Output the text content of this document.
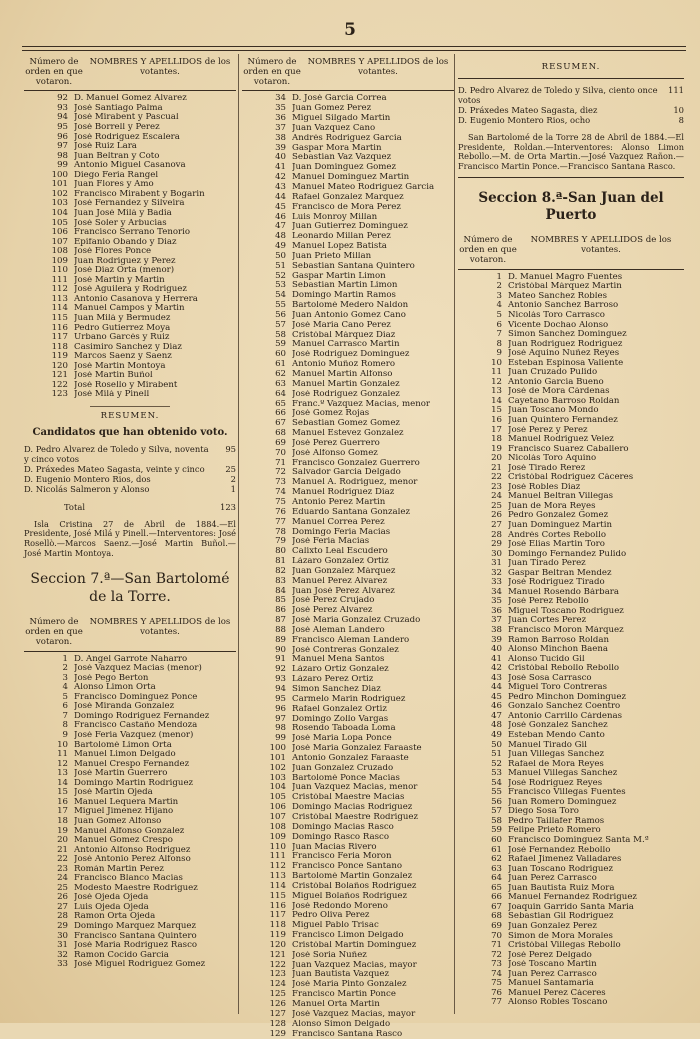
5
Número de orden en que votaron.
NOMBRES Y APELLIDOS de los votantes.
92 D. Manuel Gomez Alvarez
93 José Santiago Palma
94 José Mirabent y Pascual
95 José Borrell y Perez
96 José Rodriguez Escalera
97 José Ruiz Lara
98 Juan Beltran y Coto
99 Antonio Miguel Casanova
100 Diego Feria Rangel
101 Juan Flores y Amo
102 Francisco Mirabent y Bogarin
103 José Fernandez y Silveira
104 Juan José Milá y Badia
105 José Soler y Arbucias
106 Francisco Serrano Tenorio
107 Epifanio Obando y Diaz
108 José Flores Ponce
109 Juan Rodriguez y Perez
110 José Diaz Orta (menor)
111 José Martin y Martin
112 José Aguilera y Rodriguez
113 Antonio Casanova y Herrera
114 Manuel Campos y Martin
115 Juan Milá y Bermudez
116 Pedro Gutierrez Moya
117 Urbano Garcés y Ruiz
118 Casimiro Sanchez y Diaz
119 Marcos Saenz y Saenz
120 José Martin Montoya
121 José Martin Buñol
122 José Rosello y Mirabent
123 José Milá y Pinell
RESUMEN.
Candidatos que han obtenido voto.
D. Pedro Alvarez de Toledo y Silva, noventa y cinco votos
95
D. Práxedes Mateo Sagasta, veinte y cinco	25
D. Eugenio Montero Rios, dos	2
D. Nicolás Salmeron y Alonso	1
Total	123
Isla Cristina 27 de Abril de 1884.—El Presidente, José Milá y Pinell.—Interventores: José Rosellò.—Marcos Saenz.—José Martin Buñol.—José Martin Montoya.
Seccion 7.ª—San Bartolomé de la Torre.
Número de orden en que votaron.
NOMBRES Y APELLIDOS de los votantes.
1 D. Angel Garrote Naharro
2 José Vazquez Macias (menor)
3 José Pego Berton
4 Alonso Limon Orta
5 Francisco Dominguez Ponce
6 José Miranda Gonzalez
7 Domingo Rodriguez Fernandez
8 Francisco Castaño Mendoza
9 José Feria Vazquez (menor)
10 Bartolomé Limon Orta
11 Manuel Limon Delgado
12 Manuel Crespo Fernandez
13 José Martin Guerrero
14 Domingo Martin Rodriguez
15 José Martin Ojeda
16 Manuel Lequera Martin
17 Miguel Jimenez Hijano
18 Juan Gomez Alfonso
19 Manuel Alfonso Gonzalez
20 Manuel Gomez Crespo
21 Antonio Alfonso Rodriguez
22 José Antonio Perez Alfonso
23 Román Martin Perez
24 Francisco Blanco Macias
25 Modesto Maestre Rodriguez
26 José Ojeda Ojeda
27 Luis Ojeda Ojeda
28 Ramon Orta Ojeda
29 Domingo Marquez Marquez
30 Francisco Santana Quintero
31 José Maria Rodriguez Rasco
32 Ramon Cocido Garcia
33 José Miguel Rodriguez Gomez
Número de orden en que votaron.
NOMBRES Y APELLIDOS de los votantes.
34 D. José Garcia Correa
35 Juan Gomez Perez
36 Miguel Silgado Martin
37 Juan Vazquez Cano
38 Andrés Rodriguez Garcia
39 Gaspar Mora Martin
40 Sebastian Vaz Vazquez
41 Juan Dominguez Gomez
42 Manuel Dominguez Martin
43 Manuel Mateo Rodriguez Garcia
44 Rafael Gonzalez Marquez
45 Francisco de Mora Perez
46 Luis Monroy Millan
47 Juan Gutierrez Dominguez
48 Leonardo Millan Perez
49 Manuel Lopez Batista
50 Juan Prieto Millan
51 Sebastian Santana Quintero
52 Gaspar Martin Limon
53 Sebastian Martin Limon
54 Domingo Martin Ramos
55 Bartolomé Medero Naldon
56 Juan Antonio Gomez Cano
57 José Maria Cano Perez
58 Cristóbal Márquez Diaz
59 Manuel Carrasco Martin
60 José Rodriguez Dominguez
61 Antonio Muñoz Romero
62 Manuel Martin Alfonso
63 Manuel Martin Gonzalez
64 José Rodriguez Gonzalez
65 Franc.º Vazquez Macias, menor
66 José Gomez Rojas
67 Sebastian Gomez Gomez
68 Manuel Estevez Gonzalez
69 José Perez Guerrero
70 José Alfonso Gomez
71 Francisco Gonzalez Guerrero
72 Salvador Garcia Delgado
73 Manuel A. Rodriguez, menor
74 Manuel Rodriguez Diaz
75 Antonio Perez Martin
76 Eduardo Santana Gonzalez
77 Manuel Correa Perez
78 Domingo Feria Macias
79 José Feria Macias
80 Calixto Leal Escudero
81 Lázaro Gonzalez Ortiz
82 Juan Gonzalez Márquez
83 Manuel Perez Alvarez
84 Juan José Perez Alvarez
85 José Perez Crujado
86 José Perez Alvarez
87 José Maria Gonzalez Cruzado
88 José Aleman Landero
89 Francisco Aleman Landero
90 José Contreras Gonzalez
91 Manuel Mena Santos
92 Lázaro Ortiz Gonzalez
93 Lázaro Perez Ortiz
94 Simon Sanchez Diaz
95 Carmelo Marin Rodriguez
96 Rafael Gonzalez Ortiz
97 Domingo Zollo Vargas
98 Rosendo Taboada Loma
99 José Maria Lopa Ponce
100 José Maria Gonzalez Faraaste
101 Antonio Gonzalez Faraaste
102 Juan Gonzalez Cruzado
103 Bartolomé Ponce Macias
104 Juan Vazquez Macias, menor
105 Cristóbal Maestre Macias
106 Domingo Macias Rodriguez
107 Cristóbal Maestre Rodriguez
108 Domingo Macias Rasco
109 Domingo Rasco Rasco
110 Juan Macias Rivero
111 Francisco Feria Moron
112 Francisco Ponce Santano
113 Bartolomé Martin Gonzalez
114 Cristóbal Bolaños Rodriguez
115 Miguel Bolaños Rodriguez
116 José Redondo Moreno
117 Pedro Oliva Perez
118 Miguel Pablo Trisac
119 Francisco Limon Delgado
120 Cristóbal Martin Dominguez
121 José Soria Nuñez
122 Juan Vazquez Macias, mayor
123 Juan Bautista Vazquez
124 José Maria Pinto Gonzalez
125 Francisco Martin Ponce
126 Manuel Orta Martin
127 José Vazquez Macias, mayor
128 Alonso Simon Delgado
129 Francisco Santana Rasco
RESUMEN.
D. Pedro Alvarez de Toledo y Silva, ciento once votos
111
D. Práxedes Mateo Sagasta, diez	10
D. Eugenio Montero Rios, ocho	8
San Bartolomé de la Torre 28 de Abril de 1884.—El Presidente, Roldan.—Interventores: Alonso Limon Rebollo.—M. de Orta Martin.—José Vazquez Rañon.—Francisco Martin Ponce.—Francisco Santana Rasco.
Seccion 8.ª-San Juan del Puerto
Número de orden en que votaron.
NOMBRES Y APELLIDOS de los votantes.
1 D. Manuel Magro Fuentes
2 Cristóbal Márquez Martin
3 Mateo Sanchez Robles
4 Antonio Sanchez Barroso
5 Nicolás Toro Carrasco
6 Vicente Dochao Alonso
7 Simon Sanchez Dominguez
8 Juan Rodriguez Rodriguez
9 José Aquino Nuñez Reyes
10 Esteban Espinosa Valiente
11 Juan Cruzado Pulido
12 Antonio Garcia Bueno
13 José de Mora Cárdenas
14 Cayetano Barroso Roldan
15 Juan Toscano Mondo
16 Juan Quintero Fernandez
17 José Perez y Perez
18 Manuel Rodriguez Velez
19 Francisco Suarez Caballero
20 Nicolás Toro Aquino
21 José Tirado Rerez
22 Cristóbal Rodriguez Cáceres
23 José Robles Diaz
24 Manuel Beltran Villegas
25 Juan de Mora Reyes
26 Pedro Gonzalez Gomez
27 Juan Dominguez Martin
28 Andrés Cortes Rebollo
29 José Elias Martin Toro
30 Domingo Fernandez Pulido
31 Juan Tirado Perez
32 Gaspar Beltran Mendez
33 José Rodriguez Tirado
34 Manuel Rosendo Bárbara
35 José Perez Rebollo
36 Miguel Toscano Rodriguez
37 Juan Cortes Perez
38 Francisco Moron Márquez
39 Ramon Barroso Roldan
40 Alonso Minchon Baena
41 Alonso Tucido Gil
42 Cristóbal Rebollo Rebollo
43 José Sosa Carrasco
44 Miguel Toro Contreras
45 Pedro Minchon Dominguez
46 Gonzalo Sanchez Coentro
47 Antonio Carrillo Cárdenas
48 José Gonzalez Sanchez
49 Esteban Mendo Canto
50 Manuel Tirado Gil
51 Juan Villegas Sanchez
52 Rafael de Mora Reyes
53 Manuel Villegas Sanchez
54 José Rodriguez Reyes
55 Francisco Villegas Fuentes
56 Juan Romero Dominguez
57 Diego Sosa Toro
58 Pedro Taillafer Ramos
59 Felipe Prieto Romero
60 Francisco Dominguez Santa M.ª
61 José Fernandez Rebollo
62 Rafael Jimenez Valladares
63 Juan Toscano Rodriguez
64 Juan Perez Carrasco
65 Juan Bautista Ruiz Mora
66 Manuel Fernandez Rodriguez
67 Joaquin Garrido Santa Maria
68 Sebastian Gil Rodriguez
69 Juan Gonzalez Perez
70 Simon de Mora Morales
71 Cristóbal Villegas Rebollo
72 José Perez Delgado
73 José Toscano Martin
74 Juan Perez Carrasco
75 Manuel Santamaria
76 Manuel Perez Cáceres
77 Alonso Robles Toscano
